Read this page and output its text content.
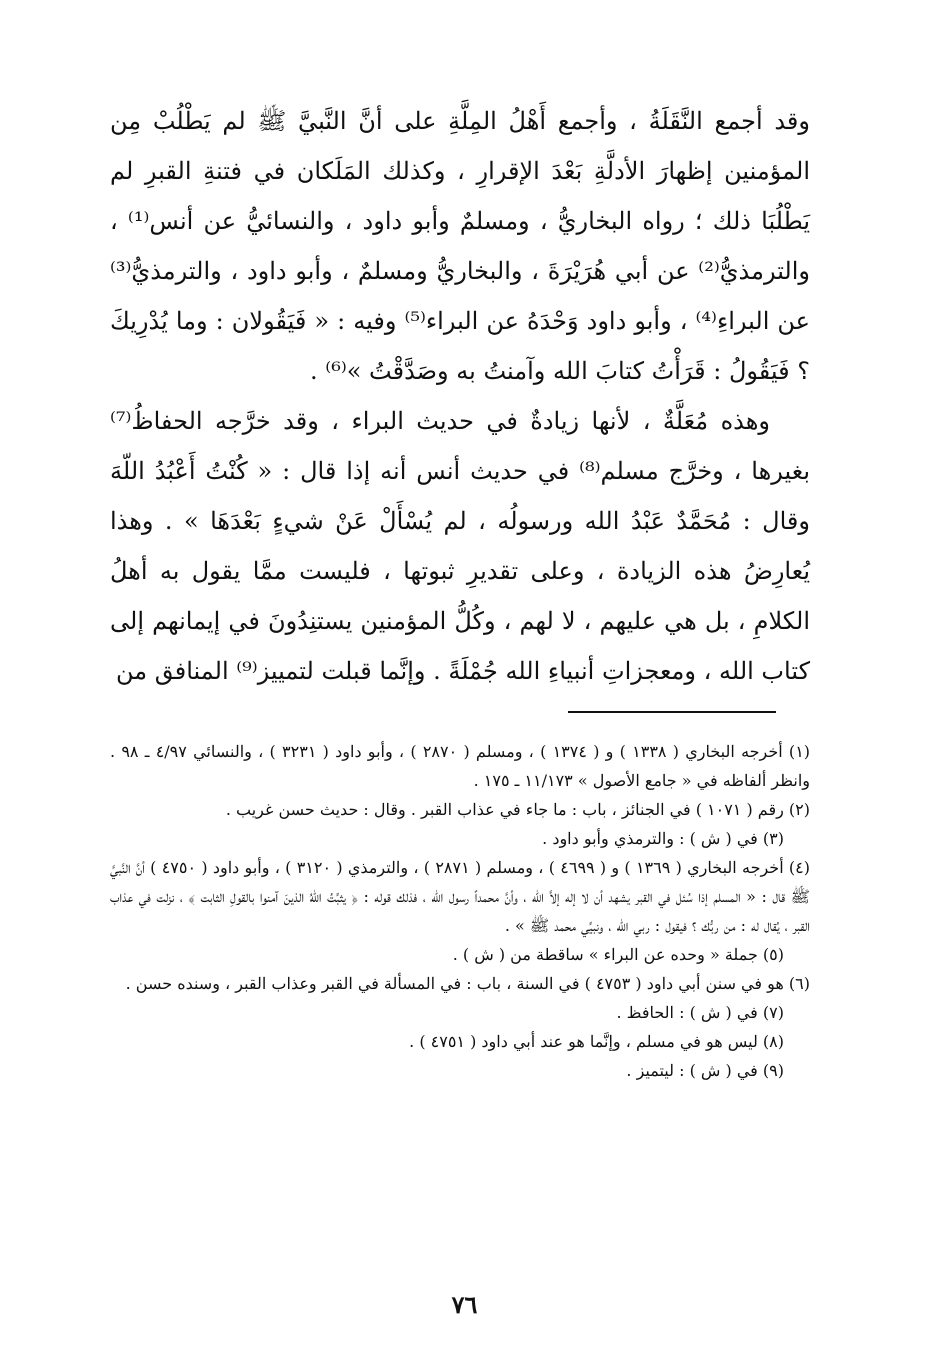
وقد أجمع النَّقَلَةُ ، وأجمع أَهْلُ المِلَّةِ على أنَّ النَّبيَّ ﷺ لم يَطْلُبْ مِن المؤمنين إظهارَ الأدلَّةِ بَعْدَ الإقرارِ ، وكذلك المَلَكان في فتنةِ القبرِ لم يَطْلُبَا ذلك ؛ رواه البخاريُّ ، ومسلمٌ وأبو داود ، والنسائيُّ عن أنس⁽¹⁾ ، والترمذيُّ⁽²⁾ عن أبي هُرَيْرَةَ ، والبخاريُّ ومسلمٌ ، وأبو داود ، والترمذيُّ⁽³⁾ عن البراءِ⁽⁴⁾ ، وأبو داود وَحْدَهُ عن البراء⁽⁵⁾ وفيه : « فَيَقُولان : وما يُدْرِيكَ ؟ فَيَقُولُ : قَرَأْتُ كتابَ الله وآمنتُ به وصَدَّقْتُ »⁽⁶⁾ .

وهذه مُعَلَّةٌ ، لأنها زيادةٌ في حديث البراء ، وقد خرَّجه الحفاظُ⁽⁷⁾ بغيرها ، وخرَّج مسلم⁽⁸⁾ في حديث أنس أنه إذا قال : « كُنْتُ أَعْبُدُ اللّهَ وقال : مُحَمَّدٌ عَبْدُ الله ورسولُه ، لم يُسْأَلْ عَنْ شيءٍ بَعْدَهَا » . وهذا يُعارِضُ هذه الزيادة ، وعلى تقديرِ ثبوتها ، فليست ممَّا يقول به أهلُ الكلامِ ، بل هي عليهم ، لا لهم ، وكُلُّ المؤمنين يستنِدُونَ في إيمانهم إلى كتاب الله ، ومعجزاتِ أنبياءِ الله جُمْلَةً . وإنَّما قبلت لتمييز⁽⁹⁾ المنافق من

(١) أخرجه البخاري ( ١٣٣٨ ) و ( ١٣٧٤ ) ، ومسلم ( ٢٨٧٠ ) ، وأبو داود ( ٣٢٣١ ) ، والنسائي ٤/٩٧ ـ ٩٨ . وانظر ألفاظه في « جامع الأصول » ١١/١٧٣ ـ ١٧٥ .

(٢) رقم ( ١٠٧١ ) في الجنائز ، باب : ما جاء في عذاب القبر . وقال : حديث حسن غريب .

(٣) في ( ش ) : والترمذي وأبو داود .

(٤) أخرجه البخاري ( ١٣٦٩ ) و ( ٤٦٩٩ ) ، ومسلم ( ٢٨٧١ ) ، والترمذي ( ٣١٢٠ ) ، وأبو داود ( ٤٧٥٠ ) أنَّ النَّبيَّ ﷺ قال : « المسلم إذا سُئل في القبر يشهد أن لا إله إلاَّ الله ، وأنَّ محمداً رسول الله ، فذلك قوله : ﴿ يثبِّتُ اللهُ الذينَ آمنوا بالقولِ الثابت ﴾ ، نزلت في عذاب القبر ، يُقال له : من ربُّك ؟ فيقول : ربي الله ، ونبيِّي محمد ﷺ » .

(٥) جملة « وحده عن البراء » ساقطة من ( ش ) .

(٦) هو في سنن أبي داود ( ٤٧٥٣ ) في السنة ، باب : في المسألة في القبر وعذاب القبر ، وسنده حسن .

(٧) في ( ش ) : الحافظ .

(٨) ليس هو في مسلم ، وإنَّما هو عند أبي داود ( ٤٧٥١ ) .

(٩) في ( ش ) : ليتميز .

٧٦
